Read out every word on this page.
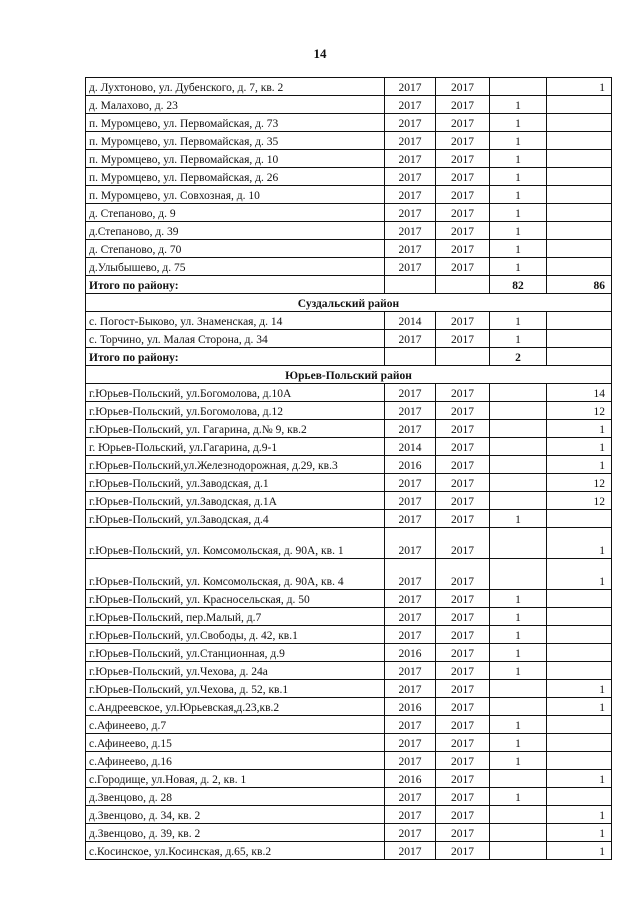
14
д. Лухтоново, ул. Дубенского, д. 7, кв. 2	2017	2017		1
д. Малахово, д. 23	2017	2017	1	
п. Муромцево, ул. Первомайская, д. 73	2017	2017	1	
п. Муромцево, ул. Первомайская, д. 35	2017	2017	1	
п. Муромцево, ул. Первомайская, д. 10	2017	2017	1	
п. Муромцево, ул. Первомайская, д. 26	2017	2017	1	
п. Муромцево, ул. Совхозная, д. 10	2017	2017	1	
д. Степаново, д. 9	2017	2017	1	
д.Степаново, д. 39	2017	2017	1	
д. Степаново, д. 70	2017	2017	1	
д.Улыбышево, д. 75	2017	2017	1	
Итого по району:			82	86
Суздальский район				
с. Погост-Быково, ул. Знаменская, д. 14	2014	2017	1	
с. Торчино, ул. Малая Сторона, д. 34	2017	2017	1	
Итого по району:			2	
Юрьев-Польский район				
г.Юрьев-Польский, ул.Богомолова, д.10А	2017	2017		14
г.Юрьев-Польский, ул.Богомолова, д.12	2017	2017		12
г.Юрьев-Польский, ул. Гагарина, д.№ 9, кв.2	2017	2017		1
г. Юрьев-Польский, ул.Гагарина, д.9-1	2014	2017		1
г.Юрьев-Польский,ул.Железнодорожная, д.29, кв.3	2016	2017		1
г.Юрьев-Польский, ул.Заводская, д.1	2017	2017		12
г.Юрьев-Польский, ул.Заводская, д.1А	2017	2017		12
г.Юрьев-Польский, ул.Заводская, д.4	2017	2017	1	
г.Юрьев-Польский, ул. Комсомольская, д. 90А, кв. 1	2017	2017		1
г.Юрьев-Польский, ул. Комсомольская, д. 90А, кв. 4	2017	2017		1
г.Юрьев-Польский, ул. Красносельская, д. 50	2017	2017	1	
г.Юрьев-Польский, пер.Малый, д.7	2017	2017	1	
г.Юрьев-Польский, ул.Свободы, д. 42, кв.1	2017	2017	1	
г.Юрьев-Польский, ул.Станционная, д.9	2016	2017	1	
г.Юрьев-Польский, ул.Чехова, д. 24а	2017	2017	1	
г.Юрьев-Польский, ул.Чехова, д. 52, кв.1	2017	2017		1
с.Андреевское, ул.Юрьевская,д.23,кв.2	2016	2017		1
с.Афинеево, д.7	2017	2017	1	
с.Афинеево, д.15	2017	2017	1	
с.Афинеево, д.16	2017	2017	1	
с.Городище, ул.Новая, д. 2, кв. 1	2016	2017		1
д.Звенцово, д. 28	2017	2017	1	
д.Звенцово, д. 34, кв. 2	2017	2017		1
д.Звенцово, д. 39, кв. 2	2017	2017		1
с.Косинское, ул.Косинская, д.65, кв.2	2017	2017		1
